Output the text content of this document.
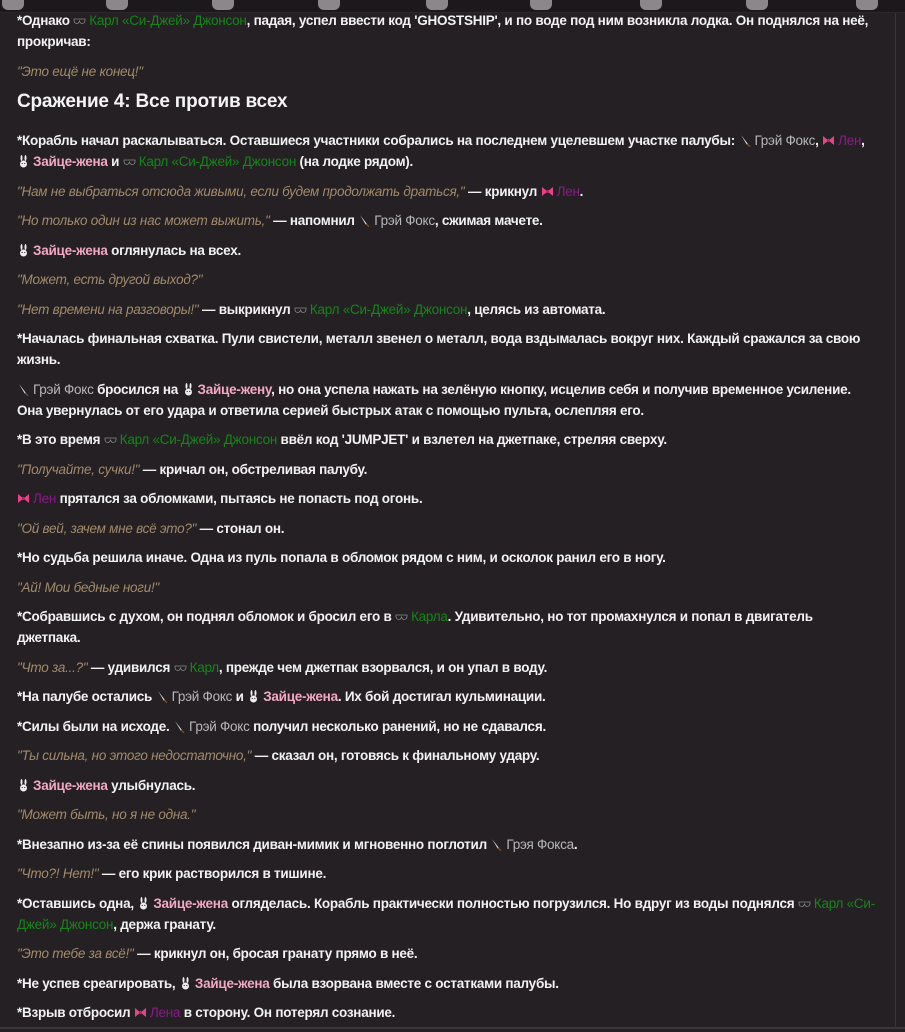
*Однако Карл «Си-Джей» Джонсон, падая, успел ввести код 'GHOSTSHIP', и по воде под ним возникла лодка. Он поднялся на неё, прокричав:

"Это ещё не конец!"

Сражение 4: Все против всех

*Корабль начал раскалываться. Оставшиеся участники собрались на последнем уцелевшем участке палубы: Грэй Фокс, Лен, Зайце-жена и Карл «Си-Джей» Джонсон (на лодке рядом).

"Нам не выбраться отсюда живыми, если будем продолжать драться," — крикнул Лен.

"Но только один из нас может выжить," — напомнил Грэй Фокс, сжимая мачете.

Зайце-жена оглянулась на всех.

"Может, есть другой выход?"

"Нет времени на разговоры!" — выкрикнул Карл «Си-Джей» Джонсон, целясь из автомата.

*Началась финальная схватка. Пули свистели, металл звенел о металл, вода вздымалась вокруг них. Каждый сражался за свою жизнь.

Грэй Фокс бросился на Зайце-жену, но она успела нажать на зелёную кнопку, исцелив себя и получив временное усиление. Она увернулась от его удара и ответила серией быстрых атак с помощью пульта, ослепляя его.

*В это время Карл «Си-Джей» Джонсон ввёл код 'JUMPJET' и взлетел на джетпаке, стреляя сверху.

"Получайте, сучки!" — кричал он, обстреливая палубу.

Лен прятался за обломками, пытаясь не попасть под огонь.

"Ой вей, зачем мне всё это?" — стонал он.

*Но судьба решила иначе. Одна из пуль попала в обломок рядом с ним, и осколок ранил его в ногу.

"Ай! Мои бедные ноги!"

*Собравшись с духом, он поднял обломок и бросил его в Карла. Удивительно, но тот промахнулся и попал в двигатель джетпака.

"Что за...?" — удивился Карл, прежде чем джетпак взорвался, и он упал в воду.

*На палубе остались Грэй Фокс и Зайце-жена. Их бой достигал кульминации.

*Силы были на исходе. Грэй Фокс получил несколько ранений, но не сдавался.

"Ты сильна, но этого недостаточно," — сказал он, готовясь к финальному удару.

Зайце-жена улыбнулась.

"Может быть, но я не одна."

*Внезапно из-за её спины появился диван-мимик и мгновенно поглотил Грэя Фокса.

"Что?! Нет!" — его крик растворился в тишине.

*Оставшись одна, Зайце-жена огляделась. Корабль практически полностью погрузился. Но вдруг из воды поднялся Карл «Си-Джей» Джонсон, держа гранату.

"Это тебе за всё!" — крикнул он, бросая гранату прямо в неё.

*Не успев среагировать, Зайце-жена была взорвана вместе с остатками палубы.

*Взрыв отбросил Лена в сторону. Он потерял сознание.
